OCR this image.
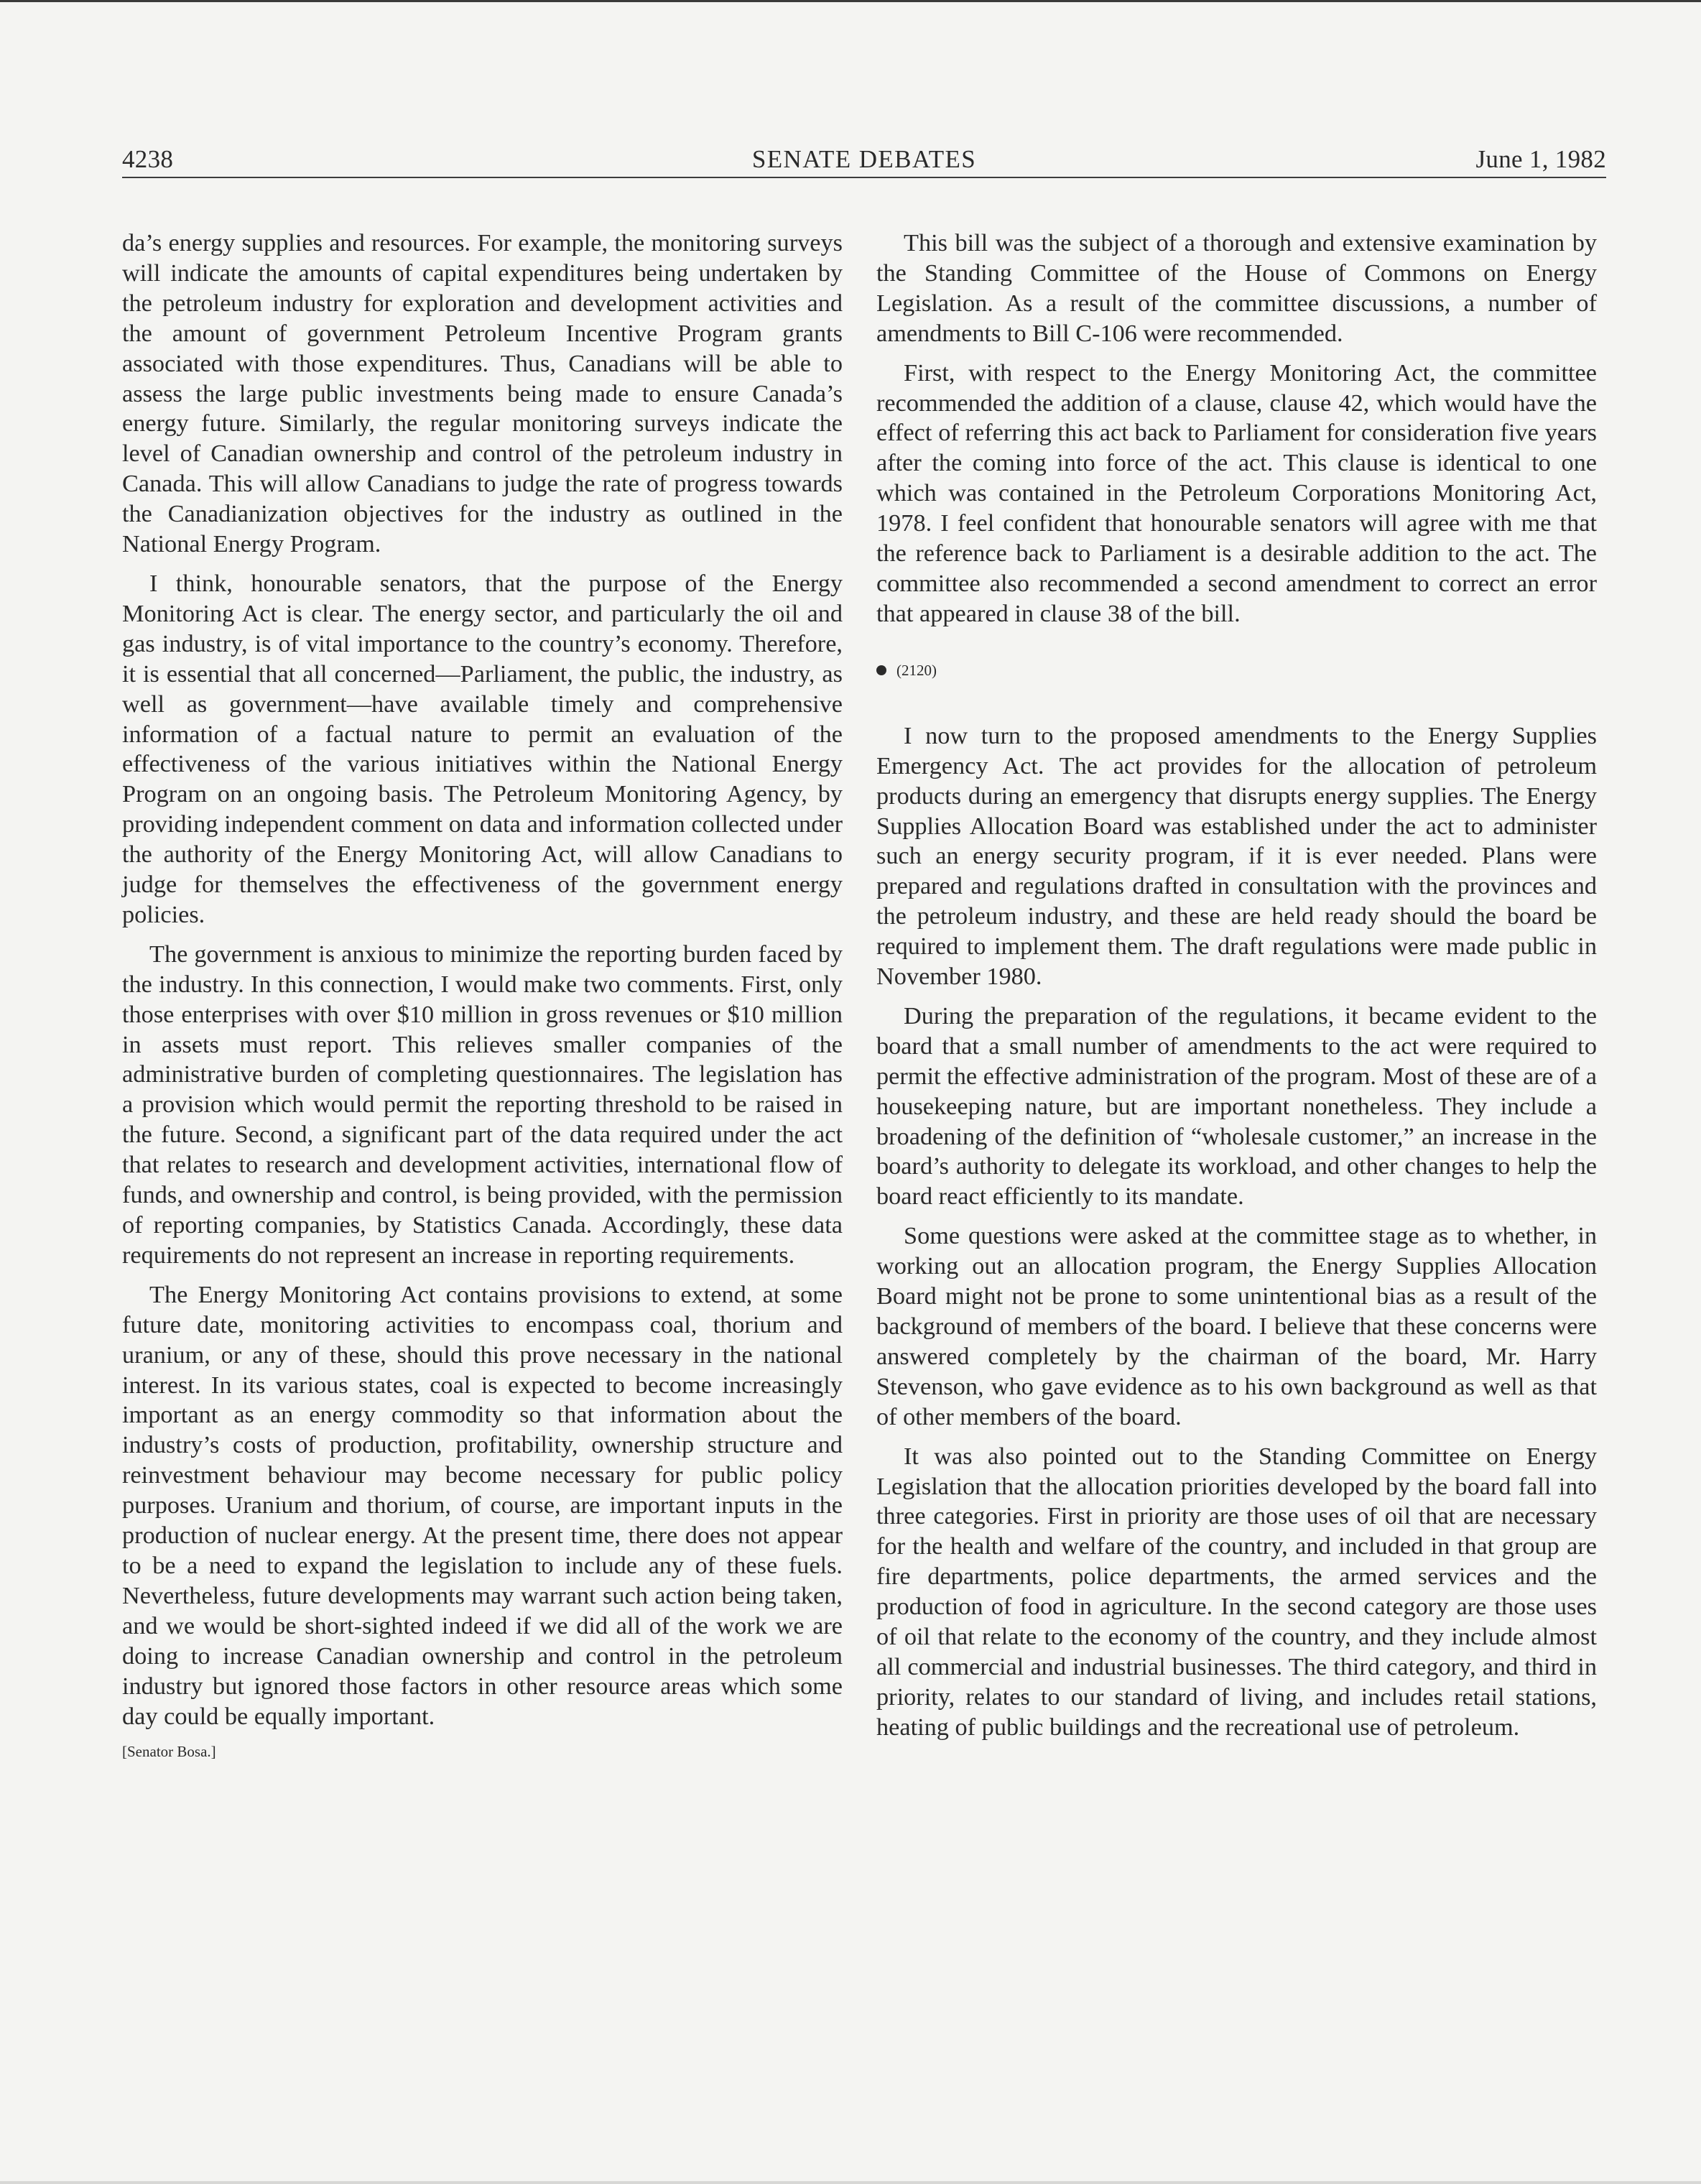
SENATE DEBATES
4238	June 1, 1982

da’s energy supplies and resources. For example, the monitoring surveys will indicate the amounts of capital expenditures being undertaken by the petroleum industry for exploration and development activities and the amount of government Petroleum Incentive Program grants associated with those expenditures. Thus, Canadians will be able to assess the large public investments being made to ensure Canada’s energy future. Similarly, the regular monitoring surveys indicate the level of Canadian ownership and control of the petroleum industry in Canada. This will allow Canadians to judge the rate of progress towards the Canadianization objectives for the industry as outlined in the National Energy Program.

I think, honourable senators, that the purpose of the Energy Monitoring Act is clear. The energy sector, and particularly the oil and gas industry, is of vital importance to the country’s economy. Therefore, it is essential that all concerned—Parliament, the public, the industry, as well as government—have available timely and comprehensive information of a factual nature to permit an evaluation of the effectiveness of the various initiatives within the National Energy Program on an ongoing basis. The Petroleum Monitoring Agency, by providing independent comment on data and information collected under the authority of the Energy Monitoring Act, will allow Canadians to judge for themselves the effectiveness of the government energy policies.

The government is anxious to minimize the reporting burden faced by the industry. In this connection, I would make two comments. First, only those enterprises with over $10 million in gross revenues or $10 million in assets must report. This relieves smaller companies of the administrative burden of completing questionnaires. The legislation has a provision which would permit the reporting threshold to be raised in the future. Second, a significant part of the data required under the act that relates to research and development activities, international flow of funds, and ownership and control, is being provided, with the permission of reporting companies, by Statistics Canada. Accordingly, these data requirements do not represent an increase in reporting requirements.

The Energy Monitoring Act contains provisions to extend, at some future date, monitoring activities to encompass coal, thorium and uranium, or any of these, should this prove necessary in the national interest. In its various states, coal is expected to become increasingly important as an energy commodity so that information about the industry’s costs of production, profitability, ownership structure and reinvestment behaviour may become necessary for public policy purposes. Uranium and thorium, of course, are important inputs in the production of nuclear energy. At the present time, there does not appear to be a need to expand the legislation to include any of these fuels. Nevertheless, future developments may warrant such action being taken, and we would be short-sighted indeed if we did all of the work we are doing to increase Canadian ownership and control in the petroleum industry but ignored those factors in other resource areas which some day could be equally important.

[Senator Bosa.]

This bill was the subject of a thorough and extensive examination by the Standing Committee of the House of Commons on Energy Legislation. As a result of the committee discussions, a number of amendments to Bill C-106 were recommended.

First, with respect to the Energy Monitoring Act, the committee recommended the addition of a clause, clause 42, which would have the effect of referring this act back to Parliament for consideration five years after the coming into force of the act. This clause is identical to one which was contained in the Petroleum Corporations Monitoring Act, 1978. I feel confident that honourable senators will agree with me that the reference back to Parliament is a desirable addition to the act. The committee also recommended a second amendment to correct an error that appeared in clause 38 of the bill.

(2120)

I now turn to the proposed amendments to the Energy Supplies Emergency Act. The act provides for the allocation of petroleum products during an emergency that disrupts energy supplies. The Energy Supplies Allocation Board was established under the act to administer such an energy security program, if it is ever needed. Plans were prepared and regulations drafted in consultation with the provinces and the petroleum industry, and these are held ready should the board be required to implement them. The draft regulations were made public in November 1980.

During the preparation of the regulations, it became evident to the board that a small number of amendments to the act were required to permit the effective administration of the program. Most of these are of a housekeeping nature, but are important nonetheless. They include a broadening of the definition of “wholesale customer,” an increase in the board’s authority to delegate its workload, and other changes to help the board react efficiently to its mandate.

Some questions were asked at the committee stage as to whether, in working out an allocation program, the Energy Supplies Allocation Board might not be prone to some unintentional bias as a result of the background of members of the board. I believe that these concerns were answered completely by the chairman of the board, Mr. Harry Stevenson, who gave evidence as to his own background as well as that of other members of the board.

It was also pointed out to the Standing Committee on Energy Legislation that the allocation priorities developed by the board fall into three categories. First in priority are those uses of oil that are necessary for the health and welfare of the country, and included in that group are fire departments, police departments, the armed services and the production of food in agriculture. In the second category are those uses of oil that relate to the economy of the country, and they include almost all commercial and industrial businesses. The third category, and third in priority, relates to our standard of living, and includes retail stations, heating of public buildings and the recreational use of petroleum.
